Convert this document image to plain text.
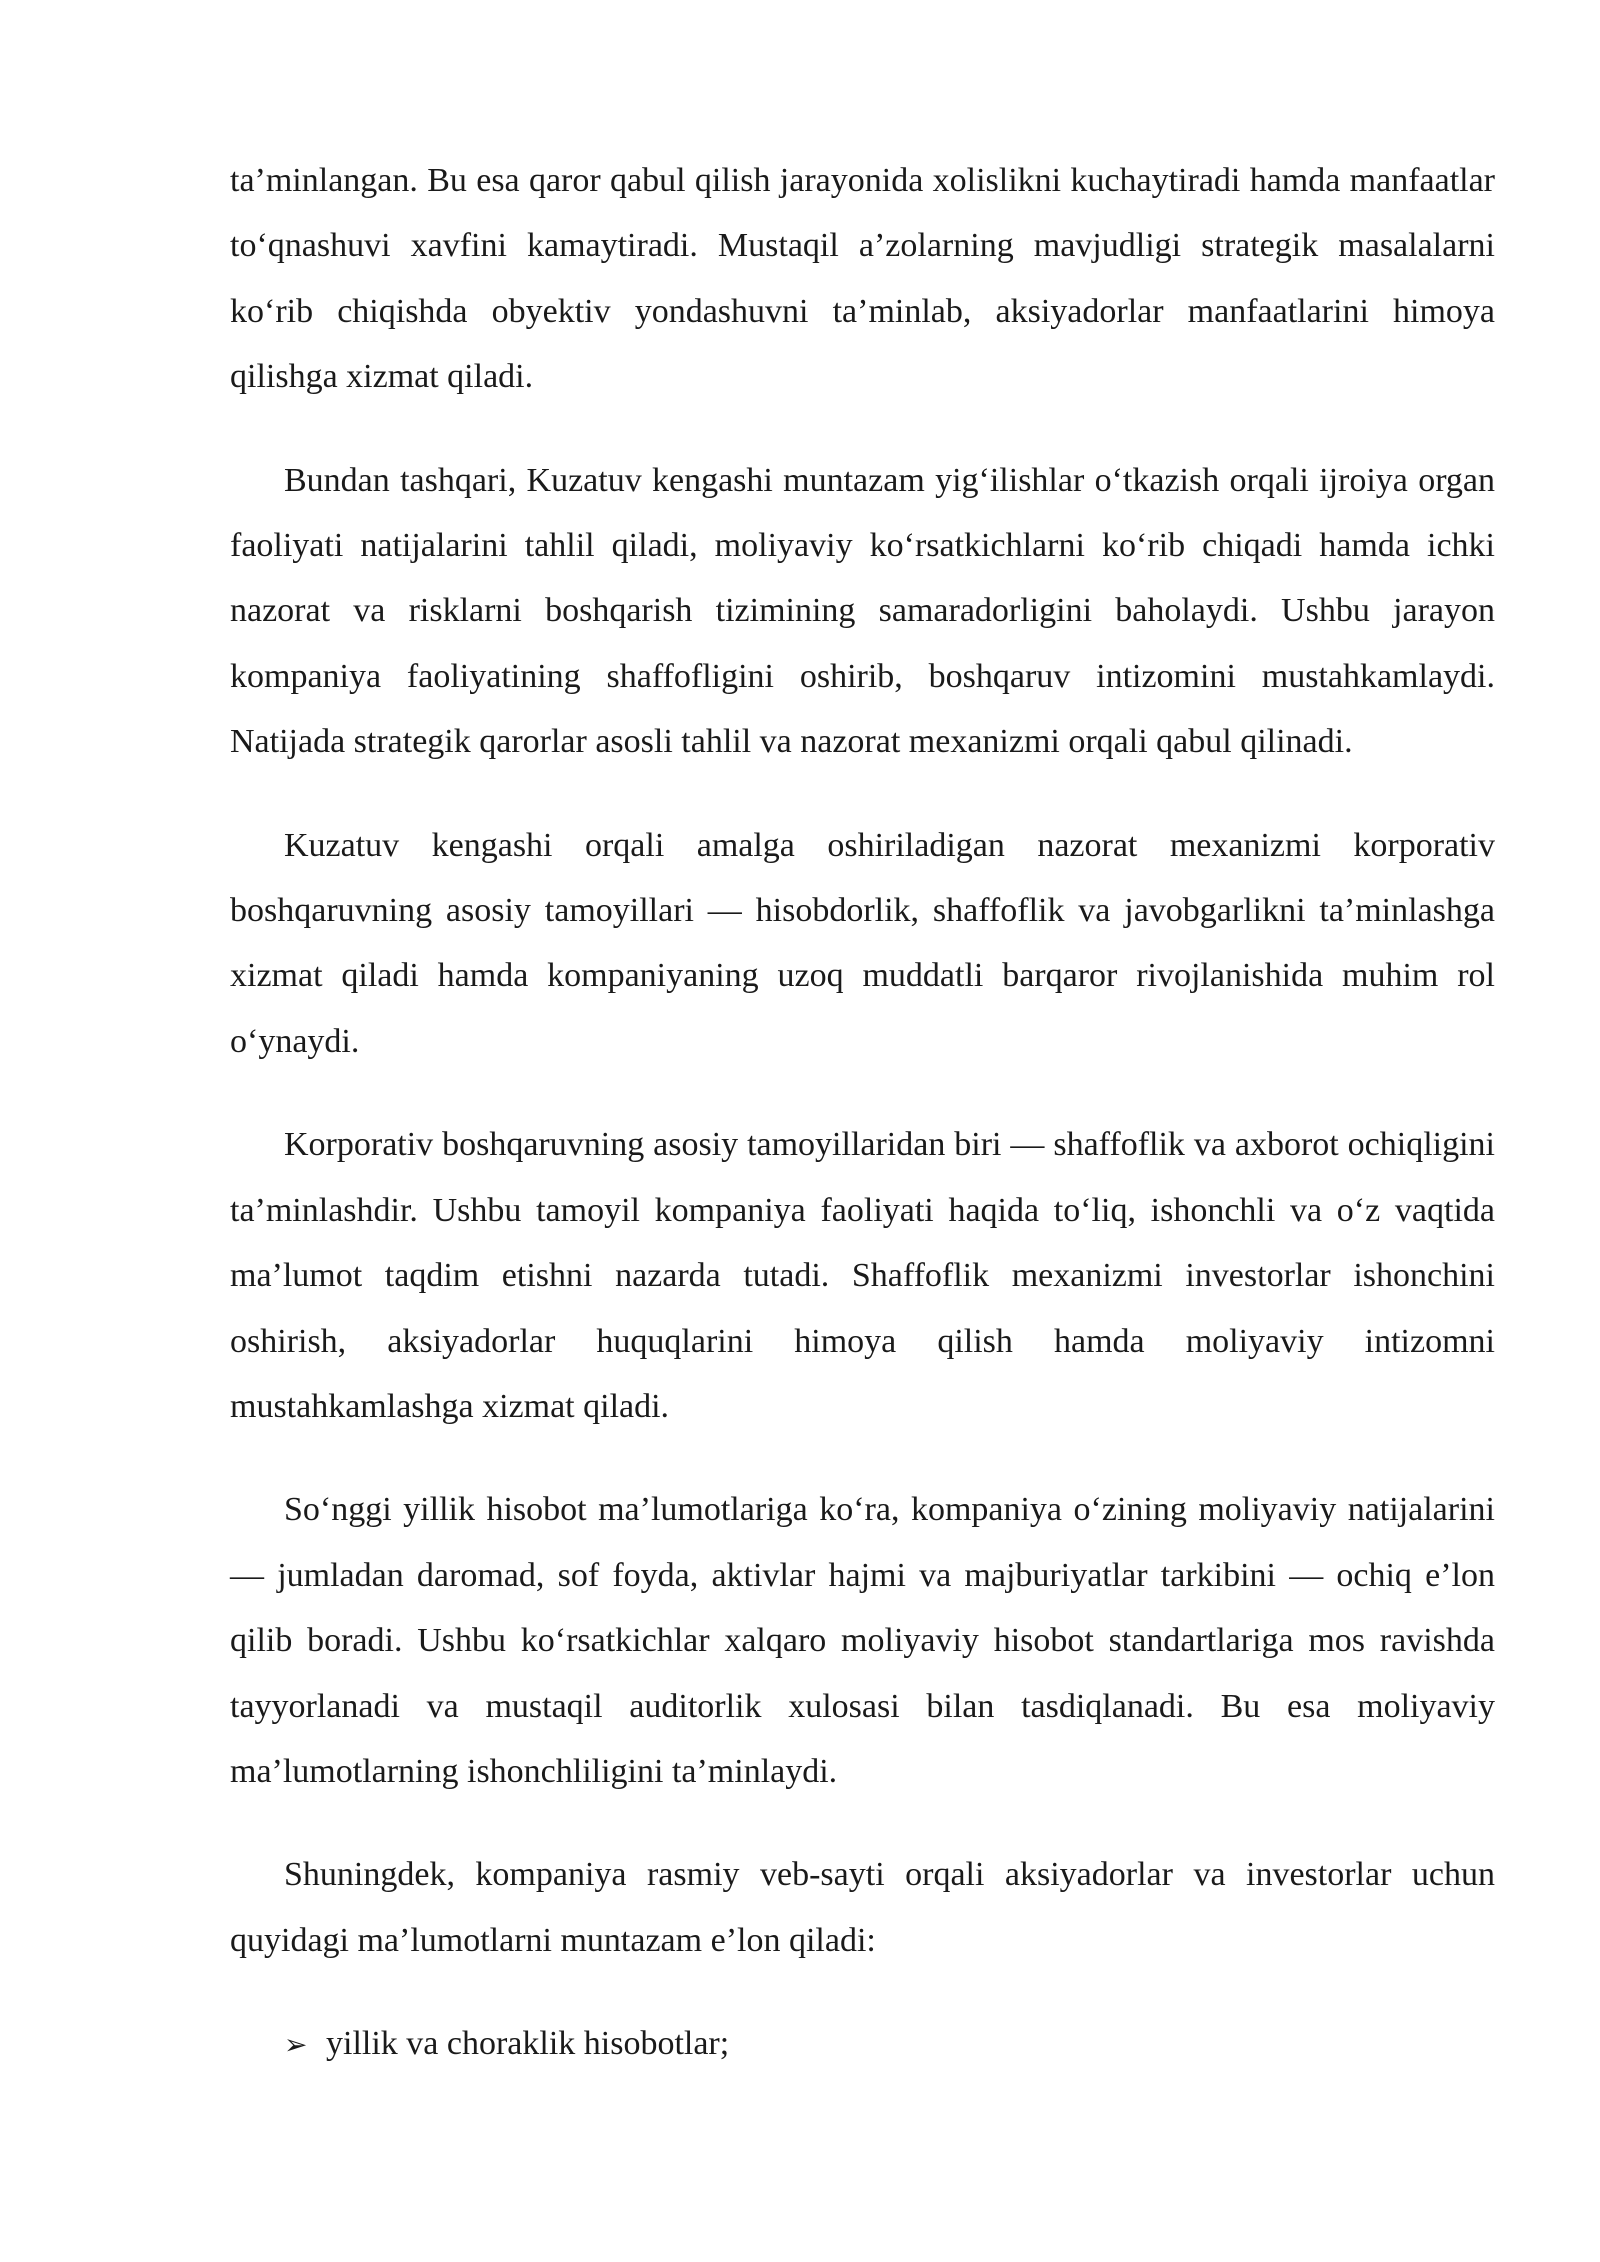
ta’minlangan. Bu esa qaror qabul qilish jarayonida xolislikni kuchaytiradi hamda manfaatlar to‘qnashuvi xavfini kamaytiradi. Mustaqil a’zolarning mavjudligi strategik masalalarni ko‘rib chiqishda obyektiv yondashuvni ta’minlab, aksiyadorlar manfaatlarini himoya qilishga xizmat qiladi.

Bundan tashqari, Kuzatuv kengashi muntazam yig‘ilishlar o‘tkazish orqali ijroiya organ faoliyati natijalarini tahlil qiladi, moliyaviy ko‘rsatkichlarni ko‘rib chiqadi hamda ichki nazorat va risklarni boshqarish tizimining samaradorligini baholaydi. Ushbu jarayon kompaniya faoliyatining shaffofligini oshirib, boshqaruv intizomini mustahkamlaydi. Natijada strategik qarorlar asosli tahlil va nazorat mexanizmi orqali qabul qilinadi.

Kuzatuv kengashi orqali amalga oshiriladigan nazorat mexanizmi korporativ boshqaruvning asosiy tamoyillari — hisobdorlik, shaffoflik va javobgarlikni ta’minlashga xizmat qiladi hamda kompaniyaning uzoq muddatli barqaror rivojlanishida muhim rol o‘ynaydi.

Korporativ boshqaruvning asosiy tamoyillaridan biri — shaffoflik va axborot ochiqligini ta’minlashdir. Ushbu tamoyil kompaniya faoliyati haqida to‘liq, ishonchli va o‘z vaqtida ma’lumot taqdim etishni nazarda tutadi. Shaffoflik mexanizmi investorlar ishonchini oshirish, aksiyadorlar huquqlarini himoya qilish hamda moliyaviy intizomni mustahkamlashga xizmat qiladi.

So‘nggi yillik hisobot ma’lumotlariga ko‘ra, kompaniya o‘zining moliyaviy natijalarini — jumladan daromad, sof foyda, aktivlar hajmi va majburiyatlar tarkibini — ochiq e’lon qilib boradi. Ushbu ko‘rsatkichlar xalqaro moliyaviy hisobot standartlariga mos ravishda tayyorlanadi va mustaqil auditorlik xulosasi bilan tasdiqlanadi. Bu esa moliyaviy ma’lumotlarning ishonchliligini ta’minlaydi.

Shuningdek, kompaniya rasmiy veb-sayti orqali aksiyadorlar va investorlar uchun quyidagi ma’lumotlarni muntazam e’lon qiladi:

➢ yillik va choraklik hisobotlar;
